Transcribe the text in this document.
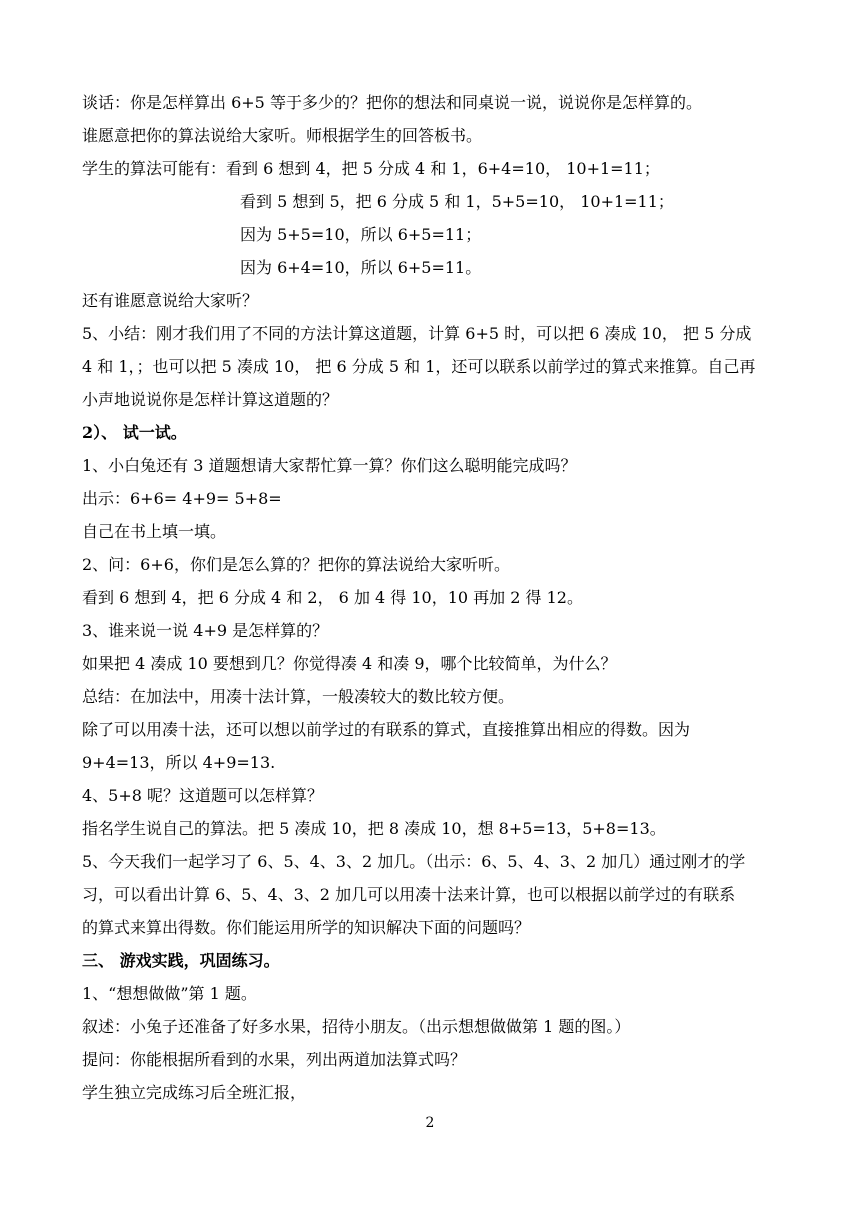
谈话：你是怎样算出 6+5 等于多少的？把你的想法和同桌说一说，说说你是怎样算的。
谁愿意把你的算法说给大家听。师根据学生的回答板书。
学生的算法可能有：看到 6 想到 4，把 5 分成 4 和 1，6+4=10， 10+1=11；
看到 5 想到 5，把 6 分成 5 和 1，5+5=10， 10+1=11；
因为 5+5=10，所以 6+5=11；
因为 6+4=10，所以 6+5=11。
还有谁愿意说给大家听？
5、小结：刚才我们用了不同的方法计算这道题，计算 6+5 时，可以把 6 凑成 10， 把 5 分成
4 和 1，；也可以把 5 凑成 10， 把 6 分成 5 和 1，还可以联系以前学过的算式来推算。自己再
小声地说说你是怎样计算这道题的？
2）、 试一试。
1、小白兔还有 3 道题想请大家帮忙算一算？你们这么聪明能完成吗？
出示：6+6= 4+9= 5+8=
自己在书上填一填。
2、问：6+6，你们是怎么算的？把你的算法说给大家听听。
看到 6 想到 4，把 6 分成 4 和 2， 6 加 4 得 10，10 再加 2 得 12。
3、谁来说一说 4+9 是怎样算的？
如果把 4 凑成 10 要想到几？你觉得凑 4 和凑 9，哪个比较简单，为什么？
总结：在加法中，用凑十法计算，一般凑较大的数比较方便。
除了可以用凑十法，还可以想以前学过的有联系的算式，直接推算出相应的得数。因为
9+4=13，所以 4+9=13.
4、5+8 呢？这道题可以怎样算？
指名学生说自己的算法。把 5 凑成 10，把 8 凑成 10，想 8+5=13，5+8=13。
5、今天我们一起学习了 6、5、4、3、2 加几。（出示：6、5、4、3、2 加几）通过刚才的学
习，可以看出计算 6、5、4、3、2 加几可以用凑十法来计算，也可以根据以前学过的有联系
的算式来算出得数。你们能运用所学的知识解决下面的问题吗？
三、 游戏实践，巩固练习。
1、“想想做做”第 1 题。
叙述：小兔子还准备了好多水果，招待小朋友。（出示想想做做第 1 题的图。）
提问：你能根据所看到的水果，列出两道加法算式吗？
学生独立完成练习后全班汇报，
2
